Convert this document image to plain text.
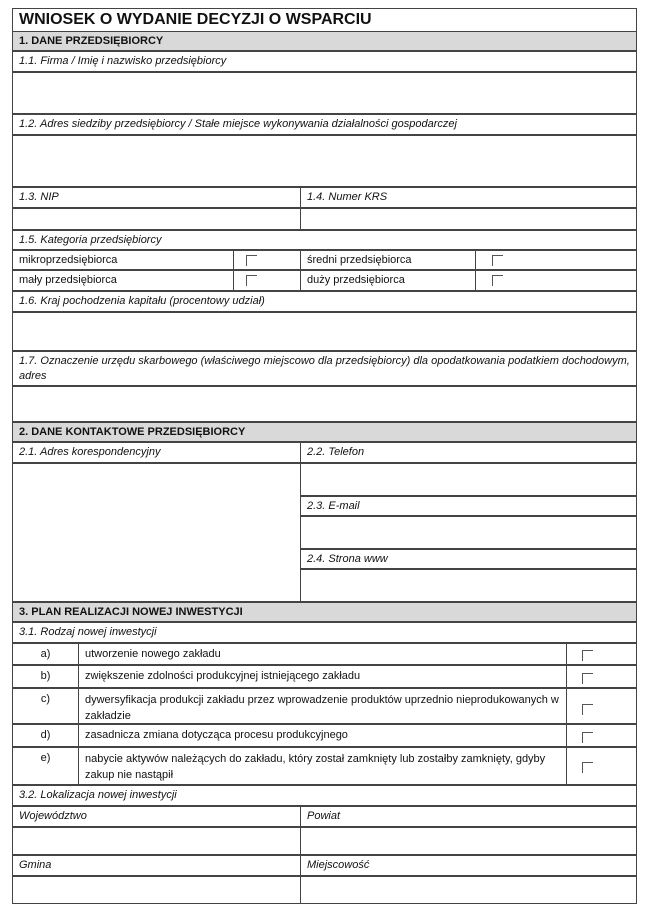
WNIOSEK O WYDANIE DECYZJI O WSPARCIU
1. DANE PRZEDSIĘBIORCY
1.1. Firma / Imię i nazwisko przedsiębiorcy
1.2. Adres siedziby przedsiębiorcy / Stałe miejsce wykonywania działalności gospodarczej
1.3. NIP	1.4. Numer KRS
1.5. Kategoria przedsiębiorcy
mikroprzedsiębiorca	średni przedsiębiorca
mały przedsiębiorca	duży przedsiębiorca
1.6. Kraj pochodzenia kapitału (procentowy udział)
1.7. Oznaczenie urzędu skarbowego (właściwego miejscowo dla przedsiębiorcy) dla opodatkowania podatkiem dochodowym, adres
2. DANE KONTAKTOWE PRZEDSIĘBIORCY
2.1. Adres korespondencyjny	2.2. Telefon
2.3. E-mail
2.4. Strona www
3. PLAN REALIZACJI NOWEJ INWESTYCJI
3.1. Rodzaj nowej inwestycji
a)	utworzenie nowego zakładu
b)	zwiększenie zdolności produkcyjnej istniejącego zakładu
c)	dywersyfikacja produkcji zakładu przez wprowadzenie produktów uprzednio nieprodukowanych w zakładzie
d)	zasadnicza zmiana dotycząca procesu produkcyjnego
e)	nabycie aktywów należących do zakładu, który został zamknięty lub zostałby zamknięty, gdyby zakup nie nastąpił
3.2. Lokalizacja nowej inwestycji
Województwo	Powiat
Gmina	Miejscowość
